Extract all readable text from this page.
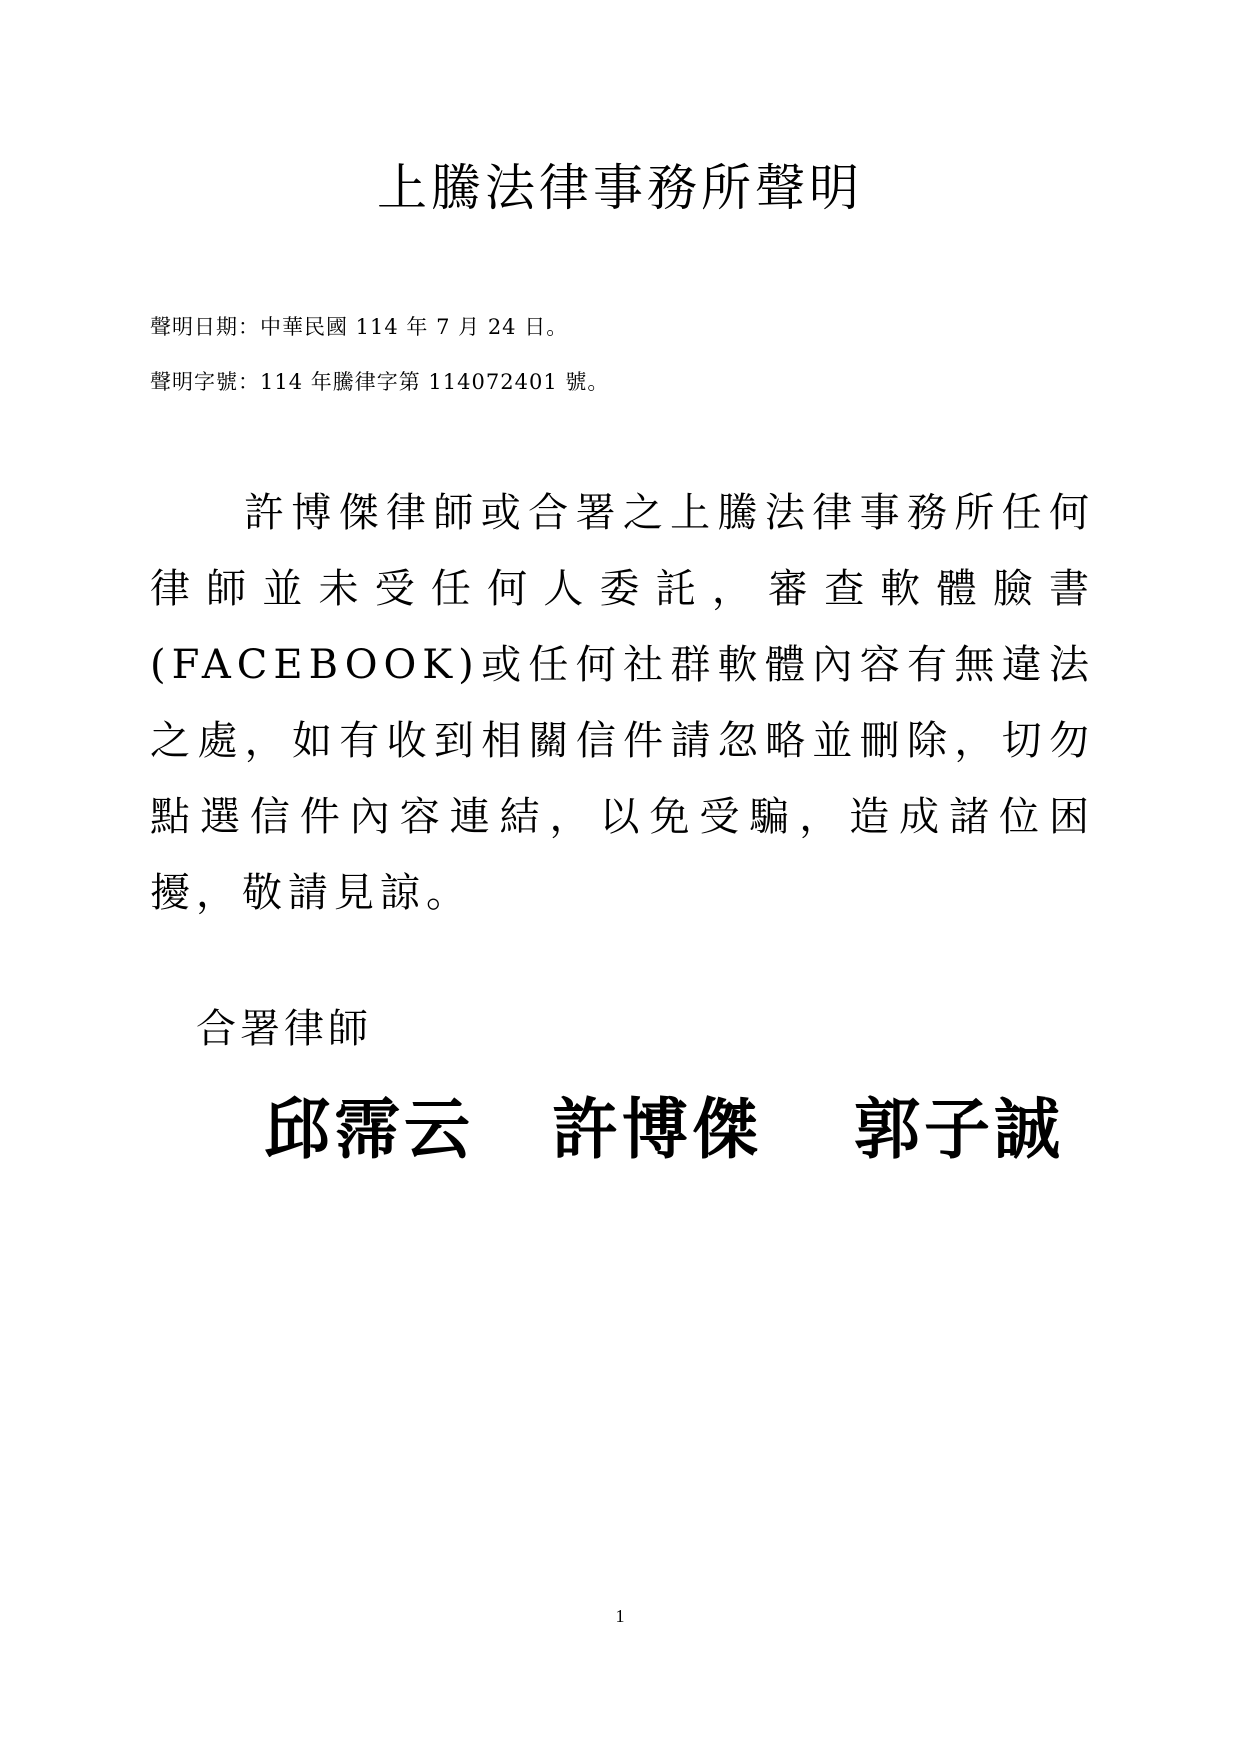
上騰法律事務所聲明
聲明日期：中華民國 114 年 7 月 24 日。
聲明字號：114 年騰律字第 114072401 號。

許博傑律師或合署之上騰法律事務所任何律師並未受任何人委託，審查軟體臉書(FACEBOOK)或任何社群軟體內容有無違法之處，如有收到相關信件請忽略並刪除，切勿點選信件內容連結，以免受騙，造成諸位困擾，敬請見諒。

合署律師
邱霈云 許博傑 郭子誠
1
